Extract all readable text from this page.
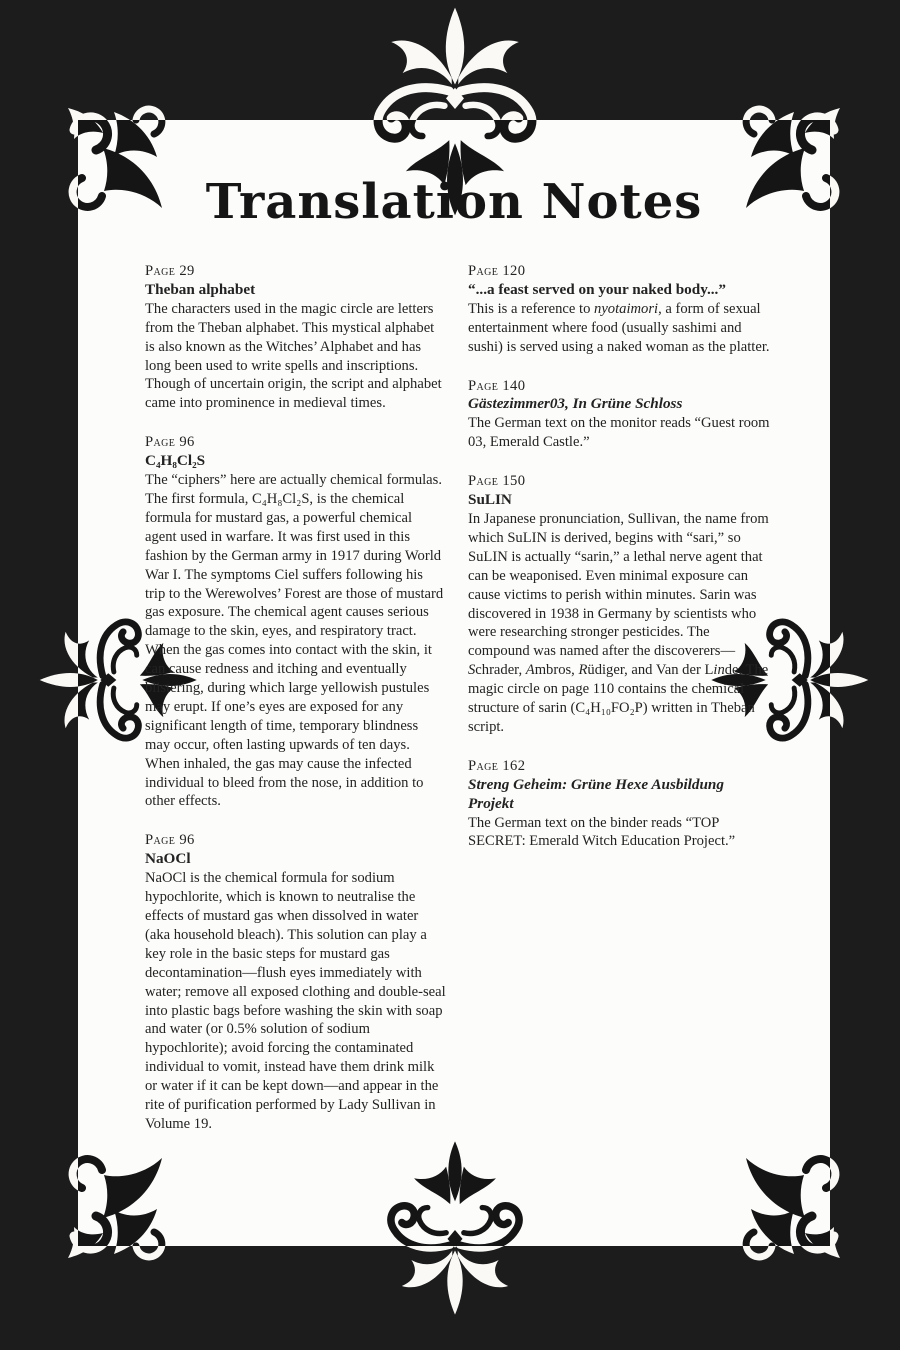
Translation Notes
Page 29
Theban alphabet

The characters used in the magic circle are letters from the Theban alphabet. This mystical alphabet is also known as the Witches’ Alphabet and has long been used to write spells and inscriptions. Though of uncertain origin, the script and alphabet came into prominence in medieval times.

Page 96
C₄H₈Cl₂S

The “ciphers” here are actually chemical formulas. The first formula, C₄H₈Cl₂S, is the chemical formula for mustard gas, a powerful chemical agent used in warfare. It was first used in this fashion by the German army in 1917 during World War I. The symptoms Ciel suffers following his trip to the Werewolves’ Forest are those of mustard gas exposure. The chemical agent causes serious damage to the skin, eyes, and respiratory tract. When the gas comes into contact with the skin, it can cause redness and itching and eventually blistering, during which large yellowish pustules may erupt. If one’s eyes are exposed for any significant length of time, temporary blindness may occur, often lasting upwards of ten days. When inhaled, the gas may cause the infected individual to bleed from the nose, in addition to other effects.

Page 96
NaOCl

NaOCl is the chemical formula for sodium hypochlorite, which is known to neutralise the effects of mustard gas when dissolved in water (aka household bleach). This solution can play a key role in the basic steps for mustard gas decontamination—flush eyes immediately with water; remove all exposed clothing and double-seal into plastic bags before washing the skin with soap and water (or 0.5% solution of sodium hypochlorite); avoid forcing the contaminated individual to vomit, instead have them drink milk or water if it can be kept down—and appear in the rite of purification performed by Lady Sullivan in Volume 19.

Page 120
“...a feast served on your naked body...”

This is a reference to nyotaimori, a form of sexual entertainment where food (usually sashimi and sushi) is served using a naked woman as the platter.

Page 140
Gästezimmer03, In Grüne Schloss

The German text on the monitor reads “Guest room 03, Emerald Castle.”

Page 150
SuLIN

In Japanese pronunciation, Sullivan, the name from which SuLIN is derived, begins with “sari,” so SuLIN is actually “sarin,” a lethal nerve agent that can be weaponised. Even minimal exposure can cause victims to perish within minutes. Sarin was discovered in 1938 in Germany by scientists who were researching stronger pesticides. The compound was named after the discoverers—Schrader, Ambros, Rüdiger, and Van der Linde. The magic circle on page 110 contains the chemical structure of sarin (C₄H₁₀FO₂P) written in Theban script.

Page 162
Streng Geheim: Grüne Hexe Ausbildung Projekt

The German text on the binder reads “TOP SECRET: Emerald Witch Education Project.”
